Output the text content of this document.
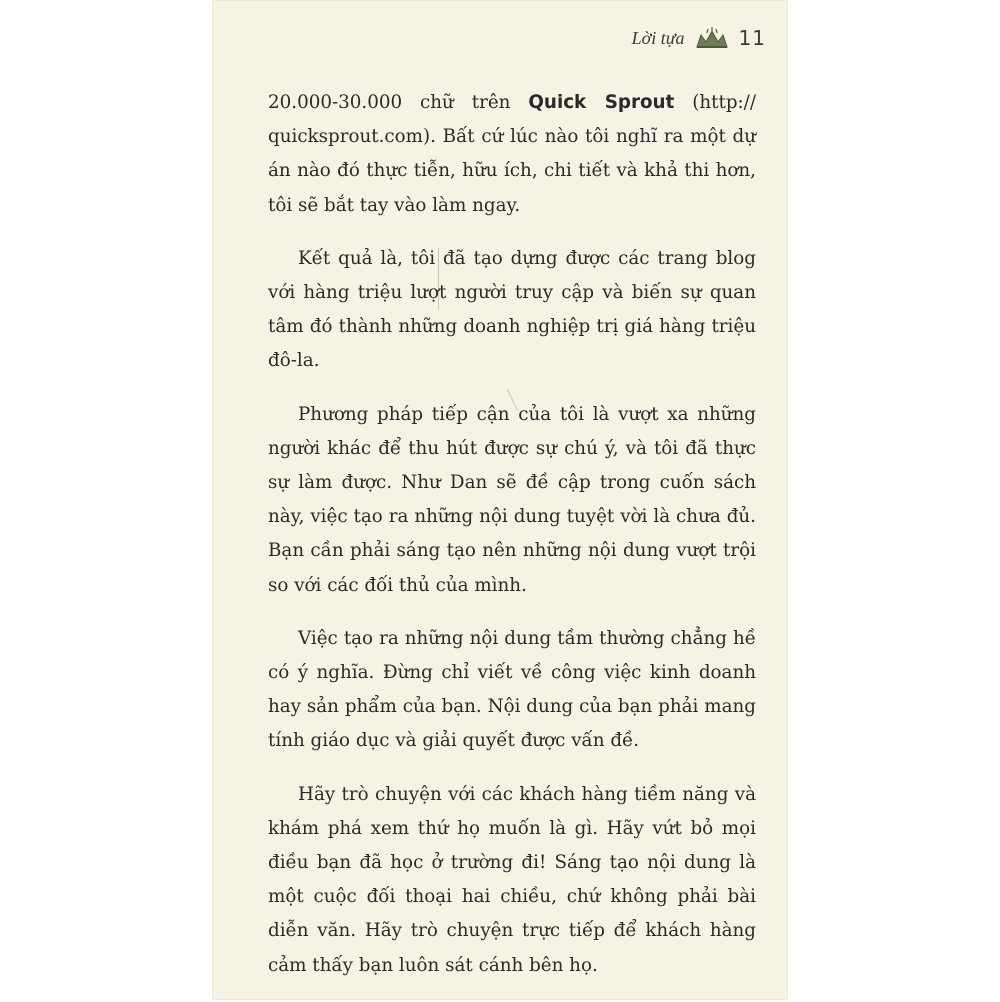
Lời tựa	11

20.000-30.000 chữ trên Quick Sprout (http:// quicksprout.com). Bất cứ lúc nào tôi nghĩ ra một dự án nào đó thực tiễn, hữu ích, chi tiết và khả thi hơn, tôi sẽ bắt tay vào làm ngay.

Kết quả là, tôi đã tạo dựng được các trang blog với hàng triệu lượt người truy cập và biến sự quan tâm đó thành những doanh nghiệp trị giá hàng triệu đô-la.

Phương pháp tiếp cận của tôi là vượt xa những người khác để thu hút được sự chú ý, và tôi đã thực sự làm được. Như Dan sẽ đề cập trong cuốn sách này, việc tạo ra những nội dung tuyệt vời là chưa đủ. Bạn cần phải sáng tạo nên những nội dung vượt trội so với các đối thủ của mình.

Việc tạo ra những nội dung tầm thường chẳng hề có ý nghĩa. Đừng chỉ viết về công việc kinh doanh hay sản phẩm của bạn. Nội dung của bạn phải mang tính giáo dục và giải quyết được vấn đề.

Hãy trò chuyện với các khách hàng tiềm năng và khám phá xem thứ họ muốn là gì. Hãy vứt bỏ mọi điều bạn đã học ở trường đi! Sáng tạo nội dung là một cuộc đối thoại hai chiều, chứ không phải bài diễn văn. Hãy trò chuyện trực tiếp để khách hàng cảm thấy bạn luôn sát cánh bên họ.
